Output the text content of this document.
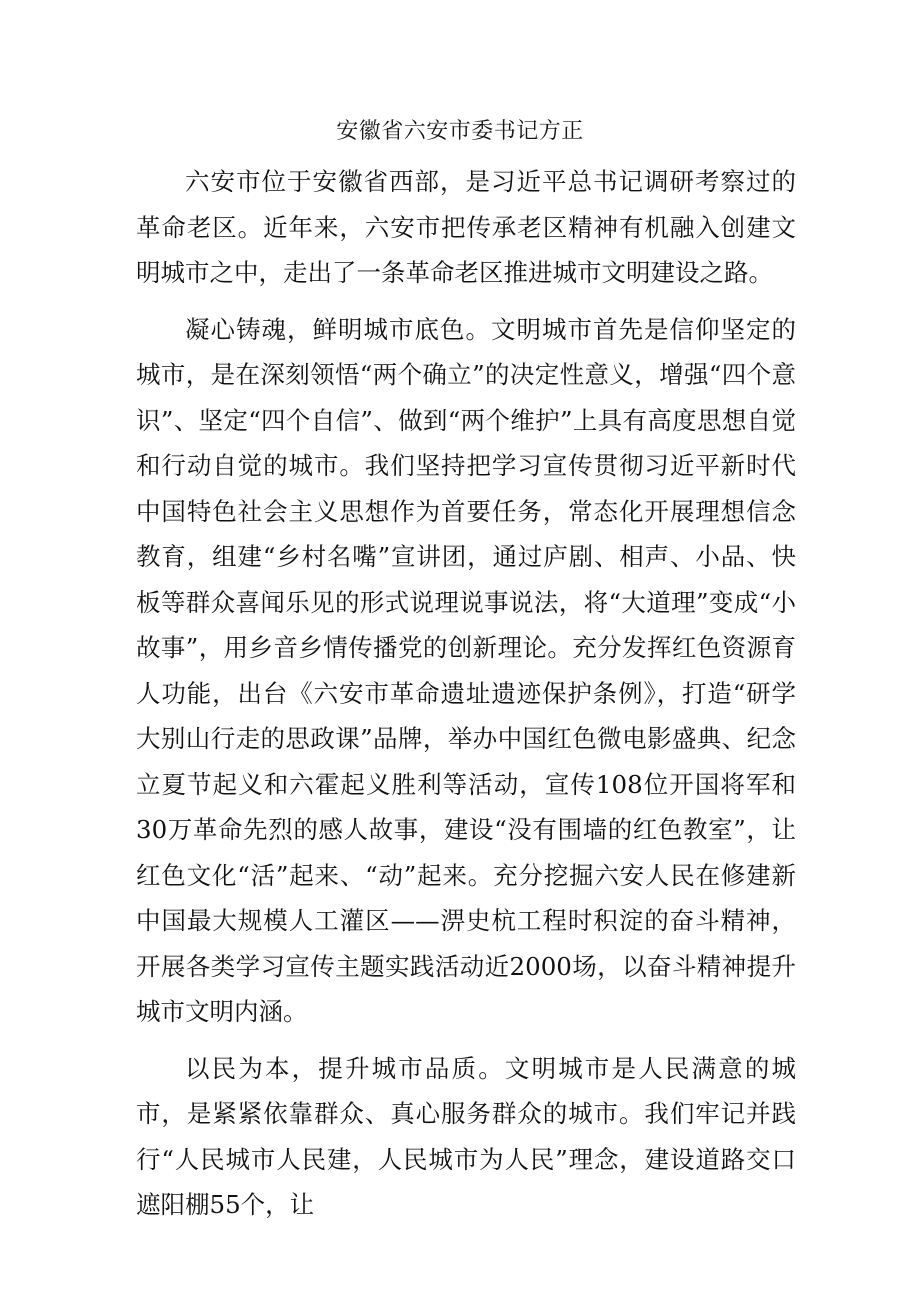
安徽省六安市委书记方正

六安市位于安徽省西部，是习近平总书记调研考察过的革命老区。近年来，六安市把传承老区精神有机融入创建文明城市之中，走出了一条革命老区推进城市文明建设之路。

凝心铸魂，鲜明城市底色。文明城市首先是信仰坚定的城市，是在深刻领悟“两个确立”的决定性意义，增强“四个意识”、坚定“四个自信”、做到“两个维护”上具有高度思想自觉和行动自觉的城市。我们坚持把学习宣传贯彻习近平新时代中国特色社会主义思想作为首要任务，常态化开展理想信念教育，组建“乡村名嘴”宣讲团，通过庐剧、相声、小品、快板等群众喜闻乐见的形式说理说事说法，将“大道理”变成“小故事”，用乡音乡情传播党的创新理论。充分发挥红色资源育人功能，出台《六安市革命遗址遗迹保护条例》，打造“研学大别山行走的思政课”品牌，举办中国红色微电影盛典、纪念立夏节起义和六霍起义胜利等活动，宣传108位开国将军和30万革命先烈的感人故事，建设“没有围墙的红色教室”，让红色文化“活”起来、“动”起来。充分挖掘六安人民在修建新中国最大规模人工灌区——淠史杭工程时积淀的奋斗精神，开展各类学习宣传主题实践活动近2000场，以奋斗精神提升城市文明内涵。

以民为本，提升城市品质。文明城市是人民满意的城市，是紧紧依靠群众、真心服务群众的城市。我们牢记并践行“人民城市人民建，人民城市为人民”理念，建设道路交口遮阳棚55个，让
